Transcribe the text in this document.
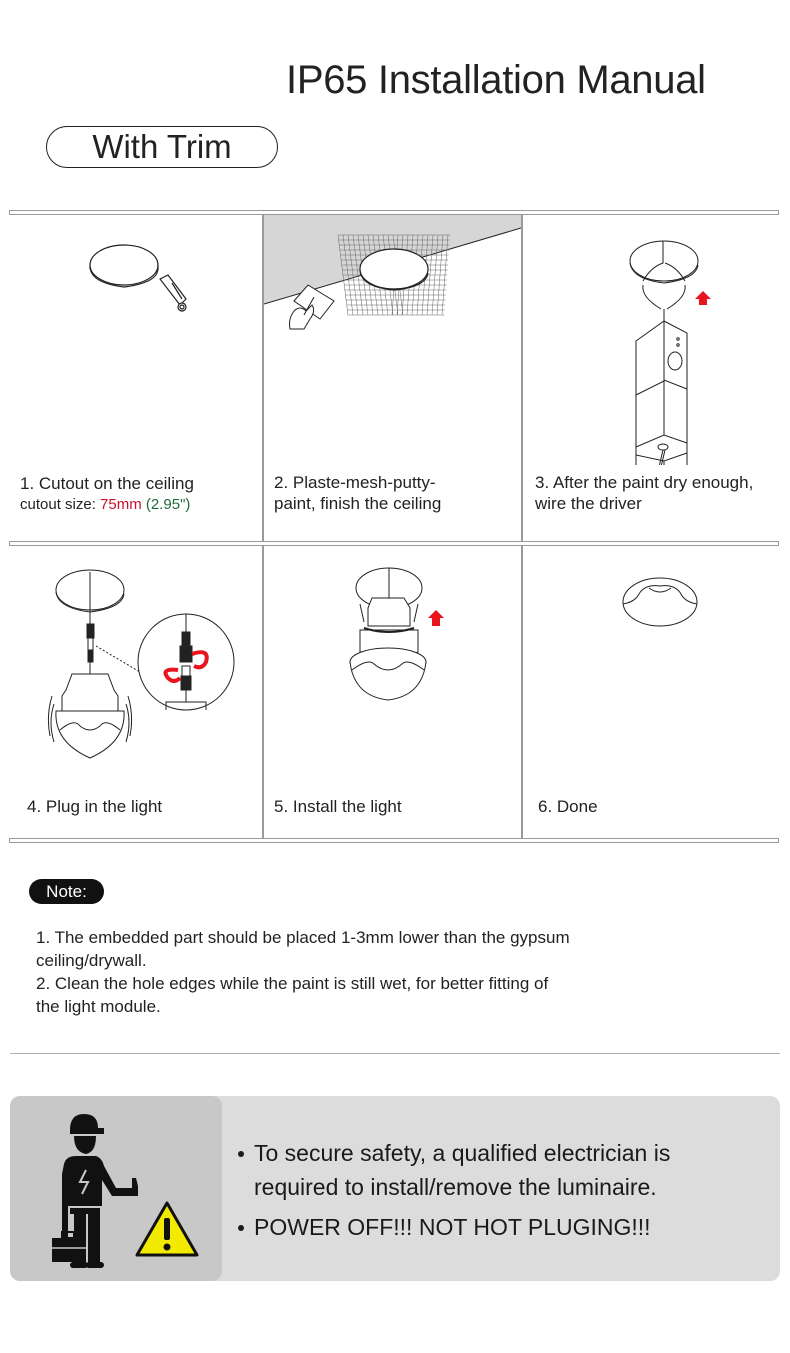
IP65 Installation Manual
With Trim
1. Cutout on the ceiling
cutout size: 75mm (2.95")
2. Plaste-mesh-putty-
paint, finish the ceiling
3. After the paint dry enough,
wire the driver
4. Plug in the light	5. Install the light	6. Done
Note:
1. The embedded part should be placed 1-3mm lower than the gypsum
ceiling/drywall.
2. Clean the hole edges while the paint is still wet, for better fitting of
the light module.
To secure safety, a qualified electrician is
required to install/remove the luminaire.
POWER OFF!!! NOT HOT PLUGING!!!
